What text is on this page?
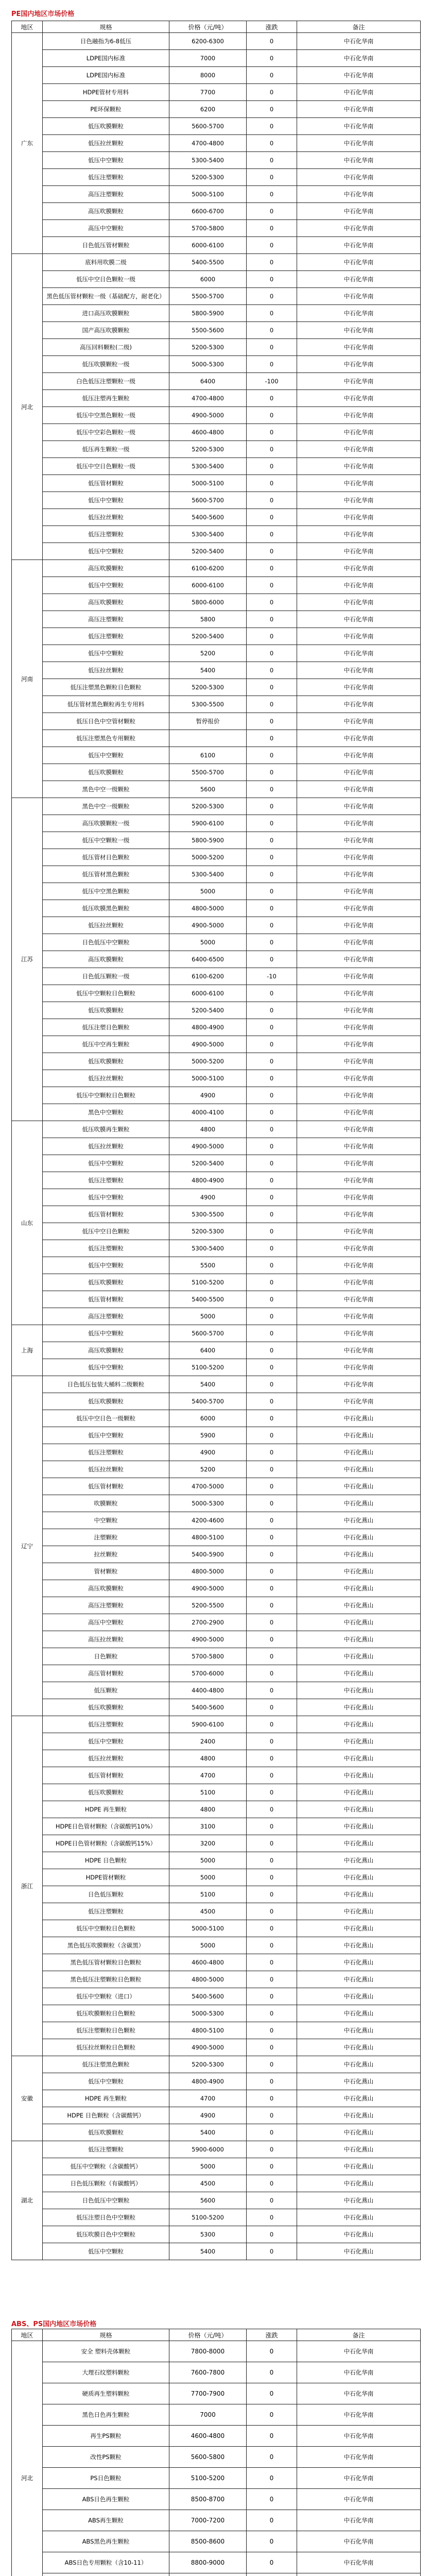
PE国内地区市场价格
地区	规格	价格（元/吨）	涨跌	备注
广东	日色融指为6-8低压	6200-6300	0	中石化华南
	LDPE国内标准	7000	0	中石化华南
	LDPE国内标准	8000	0	中石化华南
	HDPE管材专用料	7700	0	中石化华南
	PE环保颗粒	6200	0	中石化华南
	低压吹膜颗粒	5600-5700	0	中石化华南
	低压拉丝颗粒	4700-4800	0	中石化华南
	低压中空颗粒	5300-5400	0	中石化华南
	低压注塑颗粒	5200-5300	0	中石化华南
	高压注塑颗粒	5000-5100	0	中石化华南
	高压吹膜颗粒	6600-6700	0	中石化华南
	高压中空颗粒	5700-5800	0	中石化华南
	日色低压管材颗粒	6000-6100	0	中石化华南
河北	底料用吹膜二级	5400-5500	0	中石化华南
	低压中空日色颗粒一级	6000	0	中石化华南
	黑色低压管材颗粒一级（基础配方，耐老化）	5500-5700	0	中石化华南
	进口高压吹膜颗粒	5800-5900	0	中石化华南
	国产高压吹膜颗粒	5500-5600	0	中石化华南
	高压回料颗粒(二级)	5200-5300	0	中石化华南
	低压吹膜颗粒一级	5000-5300	0	中石化华南
	白色低压注塑颗粒一级	6400	-100	中石化华南
	低压注塑再生颗粒	4700-4800	0	中石化华南
	低压中空黑色颗粒一级	4900-5000	0	中石化华南
	低压中空彩色颗粒一级	4600-4800	0	中石化华南
	低压再生颗粒一级	5200-5300	0	中石化华南
	低压中空日色颗粒一级	5300-5400	0	中石化华南
	低压管材颗粒	5000-5100	0	中石化华南
	低压中空颗粒	5600-5700	0	中石化华南
	低压拉丝颗粒	5400-5600	0	中石化华南
	低压注塑颗粒	5300-5400	0	中石化华南
	低压中空颗粒	5200-5400	0	中石化华南
河南	高压吹膜颗粒	6100-6200	0	中石化华南
	低压中空颗粒	6000-6100	0	中石化华南
	高压吹膜颗粒	5800-6000	0	中石化华南
	高压注塑颗粒	5800	0	中石化华南
	低压注塑颗粒	5200-5400	0	中石化华南
	低压中空颗粒	5200	0	中石化华南
	低压拉丝颗粒	5400	0	中石化华南
	低压注塑黑色颗粒日色颗粒	5200-5300	0	中石化华南
	低压管材黑色颗粒再生专用料	5300-5500	0	中石化华南
	低压日色中空管材颗粒	暂停报价	0	中石化华南
	低压注塑黑色专用颗粒		0	中石化华南
	低压中空颗粒	6100	0	中石化华南
	低压吹膜颗粒	5500-5700	0	中石化华南
	黑色中空一级颗粒	5600	0	中石化华南
江苏	黑色中空一级颗粒	5200-5300	0	中石化华南
	高压吹膜颗粒一级	5900-6100	0	中石化华南
	低压中空颗粒一级	5800-5900	0	中石化华南
	低压管材日色颗粒	5000-5200	0	中石化华南
	低压管材黑色颗粒	5300-5400	0	中石化华南
	低压中空黑色颗粒	5000	0	中石化华南
	低压吹膜黑色颗粒	4800-5000	0	中石化华南
	低压拉丝颗粒	4900-5000	0	中石化华南
	日色低压中空颗粒	5000	0	中石化华南
	高压吹膜颗粒	6400-6500	0	中石化华南
	日色低压颗粒一级	6100-6200	-10	中石化华南
	低压中空颗粒日色颗粒	6000-6100	0	中石化华南
	低压吹膜颗粒	5200-5400	0	中石化华南
	低压注塑日色颗粒	4800-4900	0	中石化华南
	低压中空再生颗粒	4900-5000	0	中石化华南
	低压吹膜颗粒	5000-5200	0	中石化华南
	低压拉丝颗粒	5000-5100	0	中石化华南
	低压中空颗粒日色颗粒	4900	0	中石化华南
	黑色中空颗粒	4000-4100	0	中石化华南
山东	低压吹膜再生颗粒	4800	0	中石化华南
	低压拉丝颗粒	4900-5000	0	中石化华南
	低压中空颗粒	5200-5400	0	中石化华南
	低压注塑颗粒	4800-4900	0	中石化华南
	低压中空颗粒	4900	0	中石化华南
	低压管材颗粒	5300-5500	0	中石化华南
	低压中空日色颗粒	5200-5300	0	中石化华南
	低压注塑颗粒	5300-5400	0	中石化华南
	低压中空颗粒	5500	0	中石化华南
	低压吹膜颗粒	5100-5200	0	中石化华南
	低压管材颗粒	5400-5500	0	中石化华南
	高压注塑颗粒	5000	0	中石化华南
上海	低压中空颗粒	5600-5700	0	中石化华南
	高压吹膜颗粒	6400	0	中石化华南
	低压中空颗粒	5100-5200	0	中石化华南
辽宁	日色低压包装大桶料二级颗粒	5400	0	中石化华南
	低压吹膜颗粒	5400-5700	0	中石化华南
	低压中空日色一级颗粒	6000	0	中石化燕山
	低压中空颗粒	5900	0	中石化燕山
	低压注塑颗粒	4900	0	中石化燕山
	低压拉丝颗粒	5200	0	中石化燕山
	低压管材颗粒	4700-5000	0	中石化燕山
	吹膜颗粒	5000-5300	0	中石化燕山
	中空颗粒	4200-4600	0	中石化燕山
	注塑颗粒	4800-5100	0	中石化燕山
	拉丝颗粒	5400-5900	0	中石化燕山
	管材颗粒	4800-5000	0	中石化燕山
	高压吹膜颗粒	4900-5000	0	中石化燕山
	高压注塑颗粒	5200-5500	0	中石化燕山
	高压中空颗粒	2700-2900	0	中石化燕山
	高压拉丝颗粒	4900-5000	0	中石化燕山
	日色颗粒	5700-5800	0	中石化燕山
	高压管材颗粒	5700-6000	0	中石化燕山
	低压颗粒	4400-4800	0	中石化燕山
	低压吹膜颗粒	5400-5600	0	中石化燕山
浙江	低压注塑颗粒	5900-6100	0	中石化燕山
	低压中空颗粒	2400	0	中石化燕山
	低压拉丝颗粒	4800	0	中石化燕山
	低压管材颗粒	4700	0	中石化燕山
	低压吹膜颗粒	5100	0	中石化燕山
	HDPE 再生颗粒	4800	0	中石化燕山
	HDPE日色管材颗粒（含碳酸钙10%）	3100	0	中石化燕山
	HDPE日色管材颗粒（含碳酸钙15%）	3200	0	中石化燕山
	HDPE 日色颗粒	5000	0	中石化燕山
	HDPE管材颗粒	5000	0	中石化燕山
	日色低压颗粒	5100	0	中石化燕山
	低压注塑颗粒	4500	0	中石化燕山
	低压中空颗粒日色颗粒	5000-5100	0	中石化燕山
	黑色低压吹膜颗粒（含碳黑）	5000	0	中石化燕山
	黑色低压管材颗粒日色颗粒	4600-4800	0	中石化燕山
	黑色低压注塑颗粒日色颗粒	4800-5000	0	中石化燕山
	低压中空颗粒（进口）	5400-5600	0	中石化燕山
	低压吹膜颗粒日色颗粒	5000-5300	0	中石化燕山
	低压注塑颗粒日色颗粒	4800-5100	0	中石化燕山
	低压拉丝颗粒日色颗粒	4900-5000	0	中石化燕山
安徽	低压注塑黑色颗粒	5200-5300	0	中石化燕山
	低压中空颗粒	4800-4900	0	中石化燕山
	HDPE 再生颗粒	4700	0	中石化燕山
	HDPE 日色颗粒（含碳酸钙）	4900	0	中石化燕山
	低压吹膜颗粒	5400	0	中石化燕山
湖北	低压注塑颗粒	5900-6000	0	中石化燕山
	低压中空颗粒（含碳酸钙）	5000	0	中石化燕山
	日色低压颗粒（有碳酸钙）	4500	0	中石化燕山
	日色低压中空颗粒	5600	0	中石化燕山
	低压注塑日色中空颗粒	5100-5200	0	中石化燕山
	低压吹膜日色中空颗粒	5300	0	中石化燕山
	低压中空颗粒	5400	0	中石化燕山
ABS、PS国内地区市场价格
地区	规格	价格（元/吨）	涨跌	备注
河北	安全 塑料壳体颗粒	7800-8000	0	中石化华南
	大理石纹塑料颗粒	7600-7800	0	中石化华南
	硬质再生塑料颗粒	7700-7900	0	中石化华南
	黑色日色再生颗粒	7000	0	中石化华南
	再生PS颗粒	4600-4800	0	中石化华南
	改性PS颗粒	5600-5800	0	中石化华南
	PS日色颗粒	5100-5200	0	中石化华南
	ABS日色再生颗粒	8500-8700	0	中石化华南
	ABS再生颗粒	7000-7200	0	中石化华南
	ABS黑色再生颗粒	8500-8600	0	中石化华南
	ABS日色专用颗粒（含10-11）	8800-9000	0	中石化华南
